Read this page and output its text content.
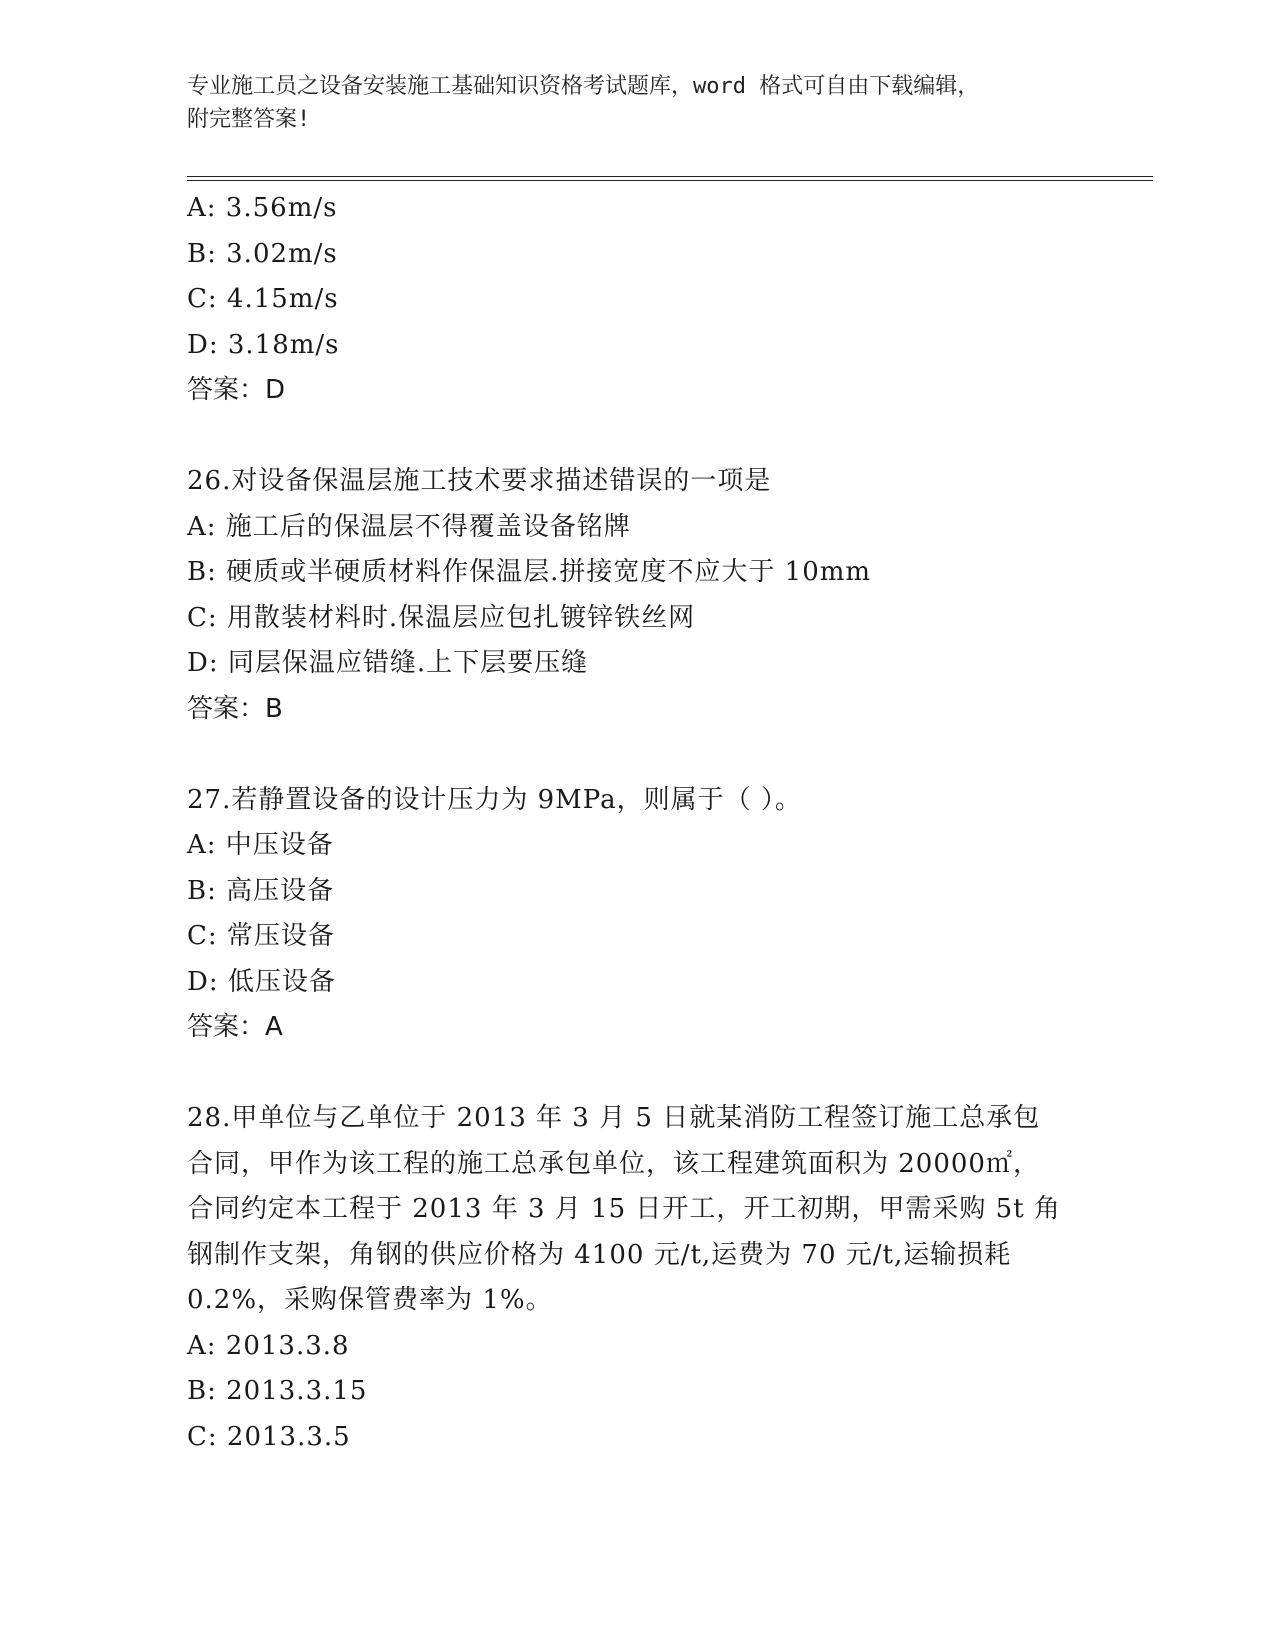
专业施工员之设备安装施工基础知识资格考试题库，word 格式可自由下载编辑，
附完整答案!
A: 3.56m/s
B: 3.02m/s
C: 4.15m/s
D: 3.18m/s
答案：D
26.对设备保温层施工技术要求描述错误的一项是
A: 施工后的保温层不得覆盖设备铭牌
B: 硬质或半硬质材料作保温层.拼接宽度不应大于 10mm
C: 用散装材料时.保温层应包扎镀锌铁丝网
D: 同层保温应错缝.上下层要压缝
答案：B
27.若静置设备的设计压力为 9MPa，则属于（ ）。
A: 中压设备
B: 高压设备
C: 常压设备
D: 低压设备
答案：A
28.甲单位与乙单位于 2013 年 3 月 5 日就某消防工程签订施工总承包
合同，甲作为该工程的施工总承包单位，该工程建筑面积为 20000㎡，
合同约定本工程于 2013 年 3 月 15 日开工，开工初期，甲需采购 5t 角
钢制作支架，角钢的供应价格为 4100 元/t,运费为 70 元/t,运输损耗
0.2%，采购保管费率为 1%。
A: 2013.3.8
B: 2013.3.15
C: 2013.3.5
